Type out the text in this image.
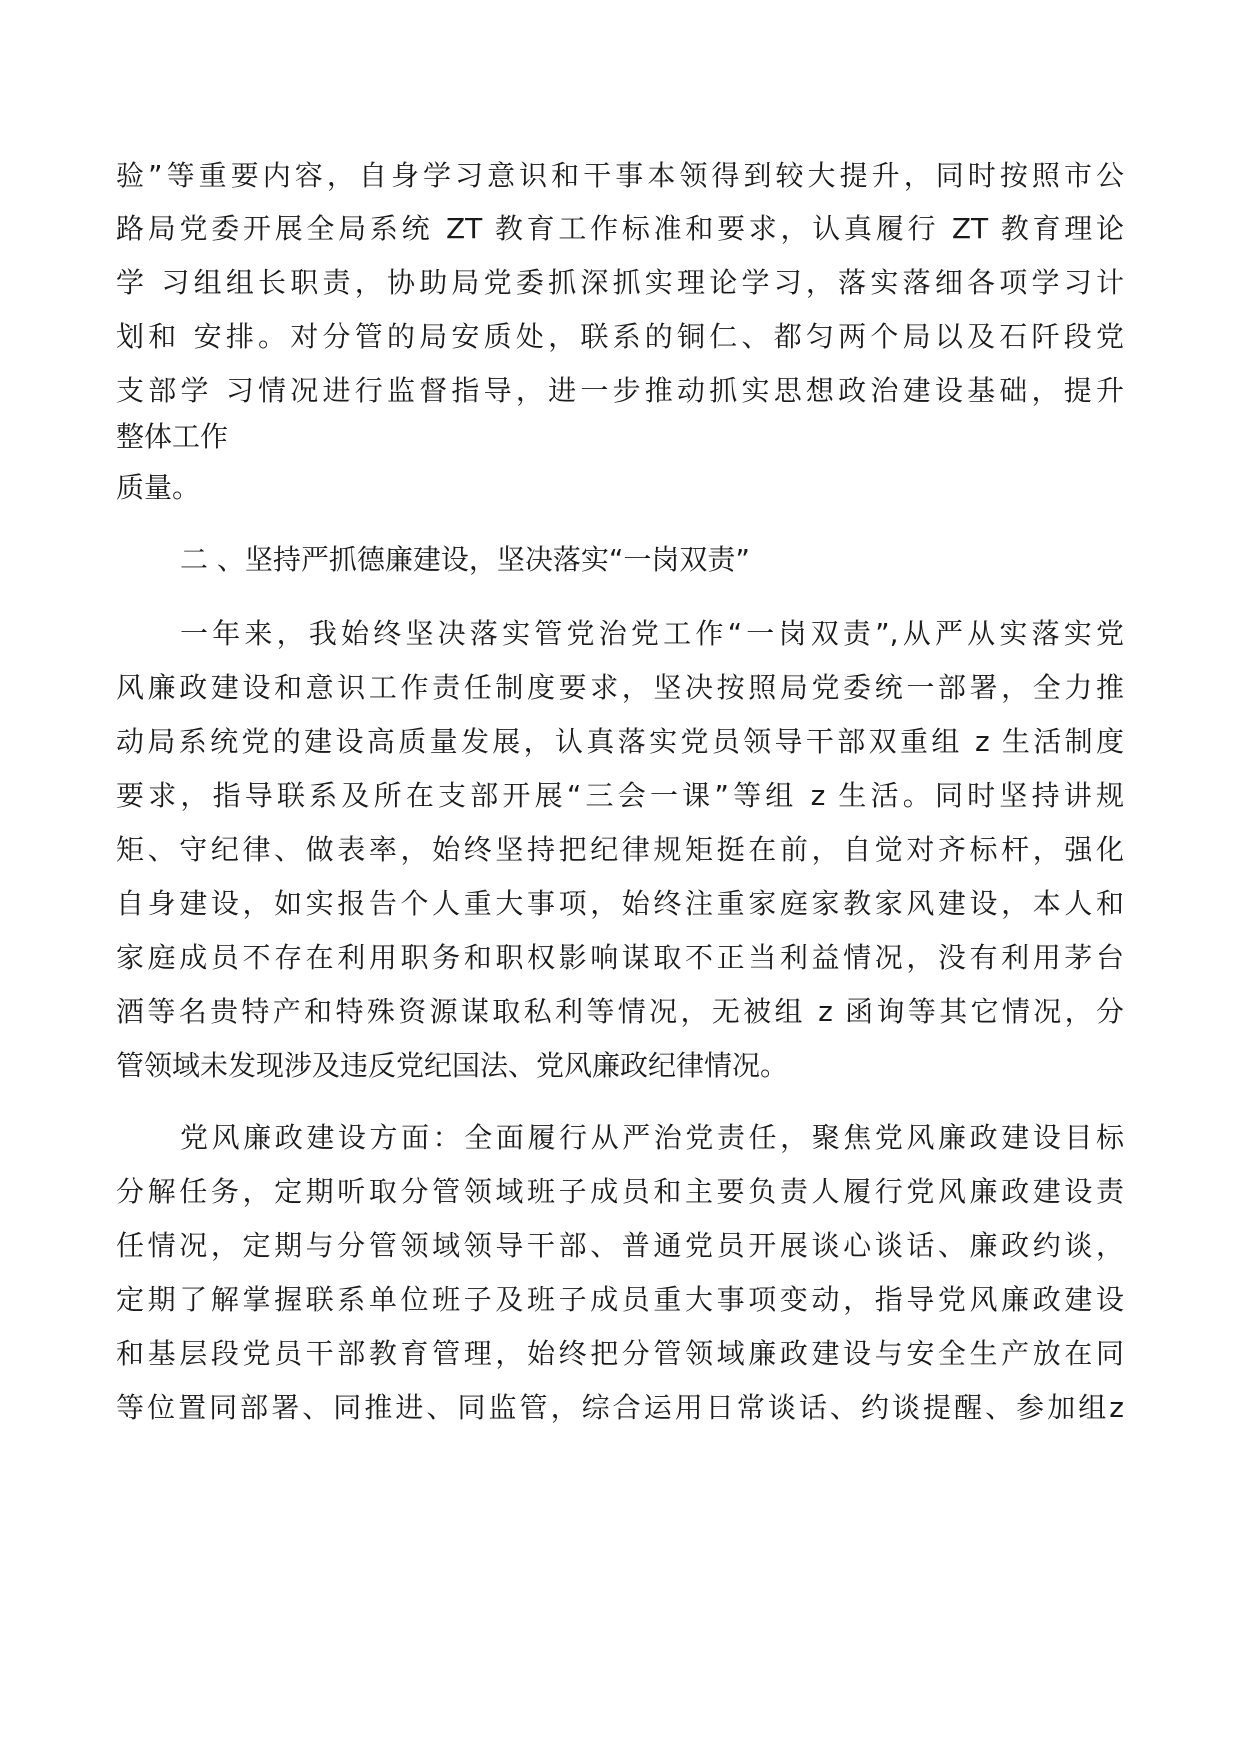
验”等重要内容，自身学习意识和干事本领得到较大提升，同时按照市公
路局党委开展全局系统 ZT 教育工作标准和要求，认真履行 ZT 教育理论
学 习组组长职责，协助局党委抓深抓实理论学习，落实落细各项学习计
划和 安排。对分管的局安质处，联系的铜仁、都匀两个局以及石阡段党
支部学 习情况进行监督指导，进一步推动抓实思想政治建设基础，提升
整体工作
质量。
二 、坚持严抓德廉建设，坚决落实“一岗双责”
一年来，我始终坚决落实管党治党工作“一岗双责”,从严从实落实党
风廉政建设和意识工作责任制度要求，坚决按照局党委统一部署，全力推
动局系统党的建设高质量发展，认真落实党员领导干部双重组 z 生活制度
要求，指导联系及所在支部开展“三会一课”等组 z 生活。同时坚持讲规
矩、守纪律、做表率，始终坚持把纪律规矩挺在前，自觉对齐标杆，强化
自身建设，如实报告个人重大事项，始终注重家庭家教家风建设，本人和
家庭成员不存在利用职务和职权影响谋取不正当利益情况，没有利用茅台
酒等名贵特产和特殊资源谋取私利等情况，无被组 z 函询等其它情况，分
管领域未发现涉及违反党纪国法、党风廉政纪律情况。
党风廉政建设方面：全面履行从严治党责任，聚焦党风廉政建设目标
分解任务，定期听取分管领域班子成员和主要负责人履行党风廉政建设责
任情况，定期与分管领域领导干部、普通党员开展谈心谈话、廉政约谈，
定期了解掌握联系单位班子及班子成员重大事项变动，指导党风廉政建设
和基层段党员干部教育管理，始终把分管领域廉政建设与安全生产放在同
等位置同部署、同推进、同监管，综合运用日常谈话、约谈提醒、参加组z
